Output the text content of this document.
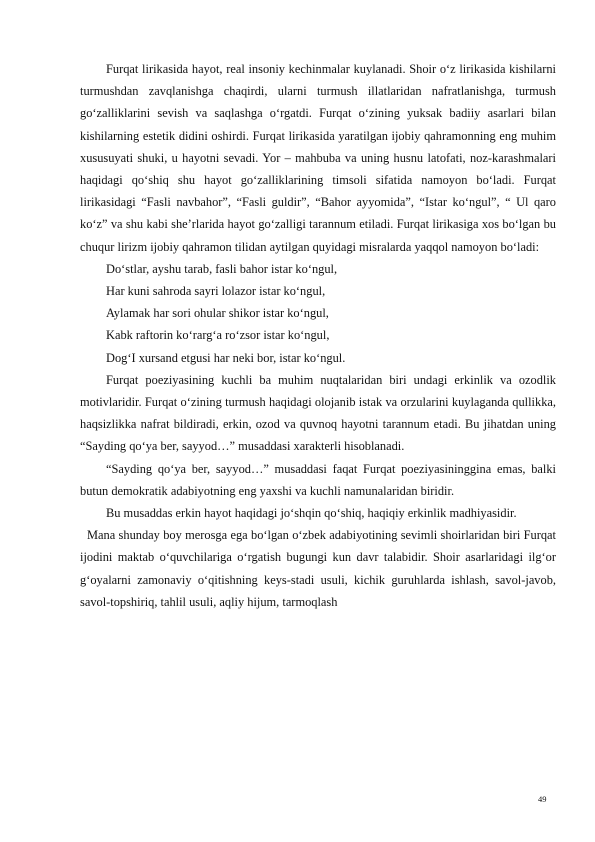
Furqat lirikasida hayot, real insoniy kechinmalar kuylanadi. Shoir o‘z lirikasida kishilarni turmushdan zavqlanishga chaqirdi, ularni turmush illatlaridan nafratlanishga, turmush go‘zalliklarini sevish va saqlashga o‘rgatdi. Furqat o‘zining yuksak badiiy asarlari bilan kishilarning estetik didini oshirdi. Furqat lirikasida yaratilgan ijobiy qahramonning eng muhim xususuyati shuki, u hayotni sevadi. Yor – mahbuba va uning husnu latofati, noz-karashmalari haqidagi qo‘shiq shu hayot go‘zalliklarining timsoli sifatida namoyon bo‘ladi. Furqat lirikasidagi “Fasli navbahor”, “Fasli guldir”, “Bahor ayyomida”, “Istar ko‘ngul”, “ Ul qaro ko‘z” va shu kabi she’rlarida hayot go‘zalligi tarannum etiladi. Furqat lirikasiga xos bo‘lgan bu chuqur lirizm ijobiy qahramon tilidan aytilgan quyidagi misralarda yaqqol namoyon bo‘ladi:

Do‘stlar, ayshu tarab, fasli bahor istar ko‘ngul,
Har kuni sahroda sayri lolazor istar ko‘ngul,
Aylamak har sori ohular shikor istar ko‘ngul,
Kabk raftorin ko‘rarg‘a ro‘zsor istar ko‘ngul,
Dog‘I xursand etgusi har neki bor, istar ko‘ngul.

Furqat poeziyasining kuchli ba muhim nuqtalaridan biri undagi erkinlik va ozodlik motivlaridir. Furqat o‘zining turmush haqidagi olojanib istak va orzularini kuylaganda qullikka, haqsizlikka nafrat bildiradi, erkin, ozod va quvnoq hayotni tarannum etadi. Bu jihatdan uning “Sayding qo‘ya ber, sayyod…” musaddasi xarakterli hisoblanadi.

“Sayding qo‘ya ber, sayyod…” musaddasi faqat Furqat poeziyasininggina emas, balki butun demokratik adabiyotning eng yaxshi va kuchli namunalaridan biridir.

Bu musaddas erkin hayot haqidagi jo‘shqin qo‘shiq, haqiqiy erkinlik madhiyasidir.

Mana shunday boy merosga ega bo‘lgan o‘zbek adabiyotining sevimli shoirlaridan biri Furqat ijodini maktab o‘quvchilariga o‘rgatish bugungi kun davr talabidir. Shoir asarlaridagi ilg‘or g‘oyalarni zamonaviy o‘qitishning keys-stadi usuli, kichik guruhlarda ishlash, savol-javob, savol-topshiriq, tahlil usuli, aqliy hijum, tarmoqlash

49
